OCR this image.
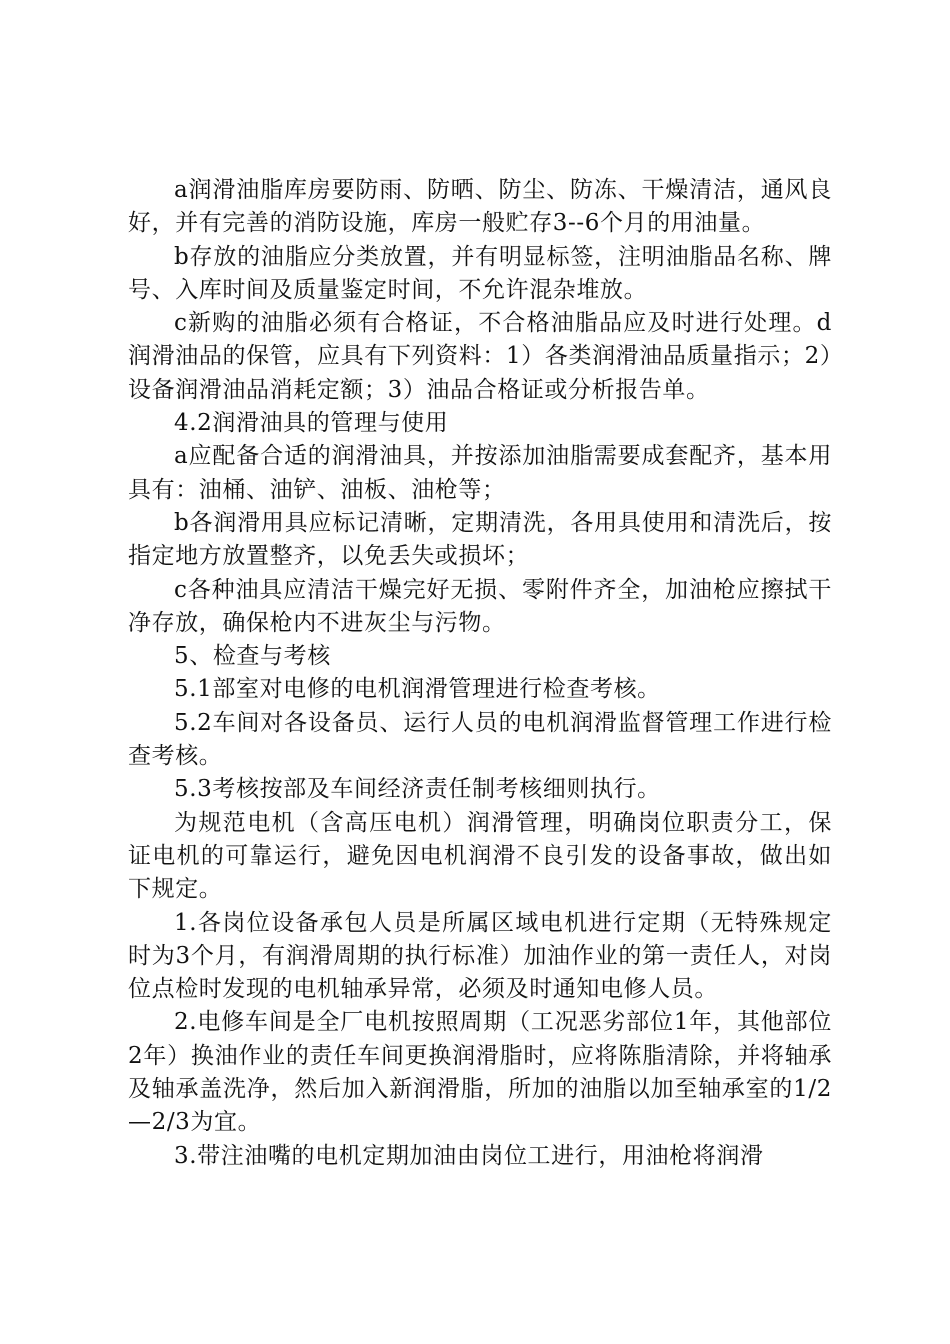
a润滑油脂库房要防雨、防晒、防尘、防冻、干燥清洁，通风良好，并有完善的消防设施，库房一般贮存3--6个月的用油量。

b存放的油脂应分类放置，并有明显标签，注明油脂品名称、牌号、入库时间及质量鉴定时间，不允许混杂堆放。

c新购的油脂必须有合格证，不合格油脂品应及时进行处理。d润滑油品的保管，应具有下列资料：1）各类润滑油品质量指示；2）设备润滑油品消耗定额；3）油品合格证或分析报告单。

4.2润滑油具的管理与使用

a应配备合适的润滑油具，并按添加油脂需要成套配齐，基本用具有：油桶、油铲、油板、油枪等；

b各润滑用具应标记清晰，定期清洗，各用具使用和清洗后，按指定地方放置整齐，以免丢失或损坏；

c各种油具应清洁干燥完好无损、零附件齐全，加油枪应擦拭干净存放，确保枪内不进灰尘与污物。

5、检查与考核

5.1部室对电修的电机润滑管理进行检查考核。

5.2车间对各设备员、运行人员的电机润滑监督管理工作进行检查考核。

5.3考核按部及车间经济责任制考核细则执行。

为规范电机（含高压电机）润滑管理，明确岗位职责分工，保证电机的可靠运行，避免因电机润滑不良引发的设备事故，做出如下规定。

1.各岗位设备承包人员是所属区域电机进行定期（无特殊规定时为3个月，有润滑周期的执行标准）加油作业的第一责任人，对岗位点检时发现的电机轴承异常，必须及时通知电修人员。

2.电修车间是全厂电机按照周期（工况恶劣部位1年，其他部位2年）换油作业的责任车间更换润滑脂时，应将陈脂清除，并将轴承及轴承盖洗净，然后加入新润滑脂，所加的油脂以加至轴承室的1/2—2/3为宜。

3.带注油嘴的电机定期加油由岗位工进行，用油枪将润滑
